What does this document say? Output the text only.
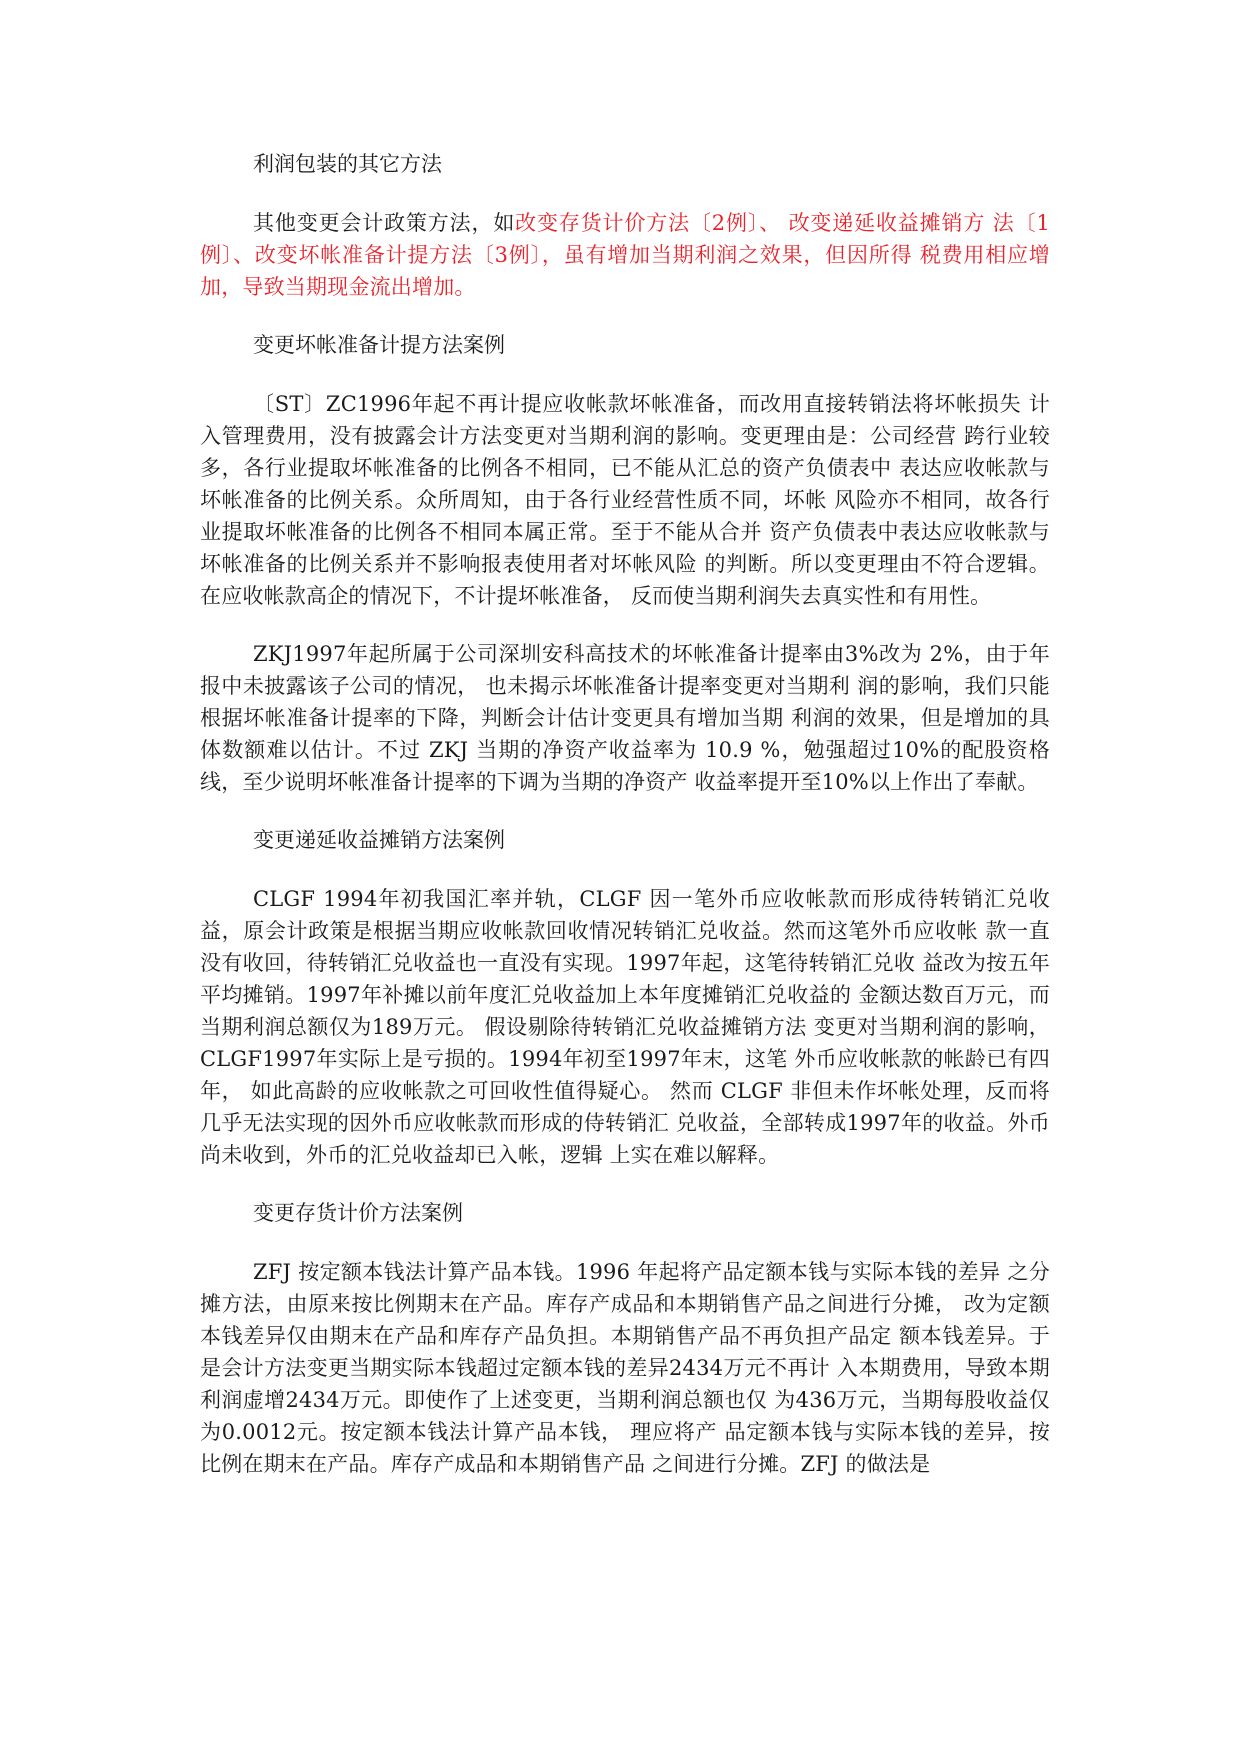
利润包装的其它方法

其他变更会计政策方法，如改变存货计价方法〔2例〕、 改变递延收益摊销方 法〔1例〕、改变坏帐准备计提方法〔3例〕，虽有增加当期利润之效果，但因所得 税费用相应增加，导致当期现金流出增加。

变更坏帐准备计提方法案例

〔ST〕ZC1996年起不再计提应收帐款坏帐准备，而改用直接转销法将坏帐损失 计入管理费用，没有披露会计方法变更对当期利润的影响。变更理由是：公司经营 跨行业较多，各行业提取坏帐准备的比例各不相同，已不能从汇总的资产负债表中 表达应收帐款与坏帐准备的比例关系。众所周知，由于各行业经营性质不同，坏帐 风险亦不相同，故各行业提取坏帐准备的比例各不相同本属正常。至于不能从合并 资产负债表中表达应收帐款与坏帐准备的比例关系并不影响报表使用者对坏帐风险 的判断。所以变更理由不符合逻辑。在应收帐款高企的情况下，不计提坏帐准备， 反而使当期利润失去真实性和有用性。

ZKJ1997年起所属于公司深圳安科高技术的坏帐准备计提率由3%改为 2%，由于年报中未披露该子公司的情况， 也未揭示坏帐准备计提率变更对当期利 润的影响，我们只能根据坏帐准备计提率的下降，判断会计估计变更具有增加当期 利润的效果，但是增加的具体数额难以估计。不过 ZKJ 当期的净资产收益率为 10.9 %，勉强超过10%的配股资格线，至少说明坏帐准备计提率的下调为当期的净资产 收益率提开至10%以上作出了奉献。

变更递延收益摊销方法案例

CLGF 1994年初我国汇率并轨，CLGF 因一笔外币应收帐款而形成待转销汇兑收 益，原会计政策是根据当期应收帐款回收情况转销汇兑收益。然而这笔外币应收帐 款一直没有收回，待转销汇兑收益也一直没有实现。1997年起，这笔待转销汇兑收 益改为按五年平均摊销。1997年补摊以前年度汇兑收益加上本年度摊销汇兑收益的 金额达数百万元，而当期利润总额仅为189万元。 假设剔除待转销汇兑收益摊销方法 变更对当期利润的影响，CLGF1997年实际上是亏损的。1994年初至1997年末，这笔 外币应收帐款的帐龄已有四年， 如此高龄的应收帐款之可回收性值得疑心。 然而 CLGF 非但未作坏帐处理，反而将几乎无法实现的因外币应收帐款而形成的侍转销汇 兑收益，全部转成1997年的收益。外币尚未收到，外币的汇兑收益却已入帐，逻辑 上实在难以解释。

变更存货计价方法案例

ZFJ 按定额本钱法计算产品本钱。1996 年起将产品定额本钱与实际本钱的差异 之分摊方法，由原来按比例期末在产品。库存产成品和本期销售产品之间进行分摊， 改为定额本钱差异仅由期末在产品和库存产品负担。本期销售产品不再负担产品定 额本钱差异。于是会计方法变更当期实际本钱超过定额本钱的差异2434万元不再计 入本期费用，导致本期利润虚增2434万元。即使作了上述变更，当期利润总额也仅 为436万元，当期每股收益仅为0.0012元。按定额本钱法计算产品本钱， 理应将产 品定额本钱与实际本钱的差异，按比例在期末在产品。库存产成品和本期销售产品 之间进行分摊。ZFJ 的做法是
